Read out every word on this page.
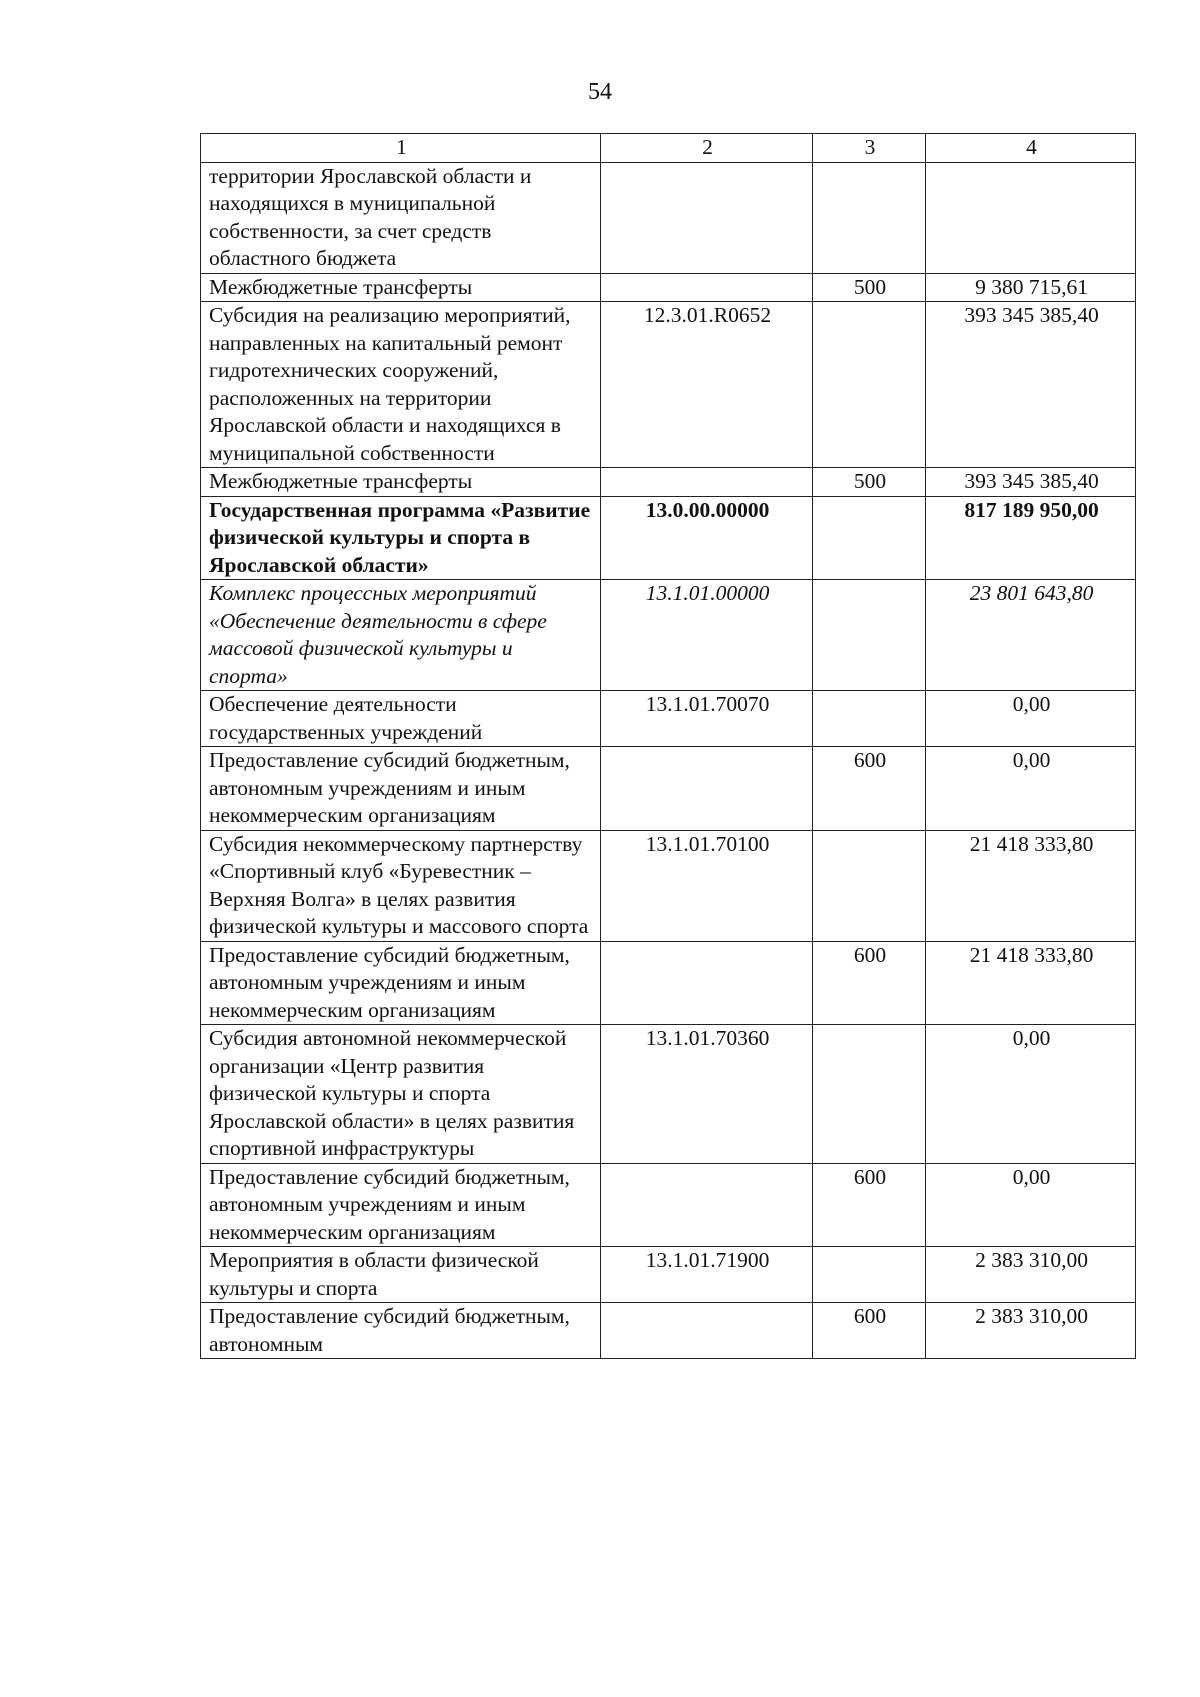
54
1	2	3	4
территории Ярославской области и находящихся в муниципальной собственности, за счет средств областного бюджета			
Межбюджетные трансферты		500	9 380 715,61
Субсидия на реализацию мероприятий, направленных на капитальный ремонт гидротехнических сооружений, расположенных на территории Ярославской области и находящихся в муниципальной собственности	12.3.01.R0652		393 345 385,40
Межбюджетные трансферты		500	393 345 385,40
Государственная программа «Развитие физической культуры и спорта в Ярославской области»	13.0.00.00000		817 189 950,00
Комплекс процессных мероприятий «Обеспечение деятельности в сфере массовой физической культуры и спорта»	13.1.01.00000		23 801 643,80
Обеспечение деятельности государственных учреждений	13.1.01.70070		0,00
Предоставление субсидий бюджетным, автономным учреждениям и иным некоммерческим организациям		600	0,00
Субсидия некоммерческому партнерству «Спортивный клуб «Буревестник – Верхняя Волга» в целях развития физической культуры и массового спорта	13.1.01.70100		21 418 333,80
Предоставление субсидий бюджетным, автономным учреждениям и иным некоммерческим организациям		600	21 418 333,80
Субсидия автономной некоммерческой организации «Центр развития физической культуры и спорта Ярославской области» в целях развития спортивной инфраструктуры	13.1.01.70360		0,00
Предоставление субсидий бюджетным, автономным учреждениям и иным некоммерческим организациям		600	0,00
Мероприятия в области физической культуры и спорта	13.1.01.71900		2 383 310,00
Предоставление субсидий бюджетным, автономным		600	2 383 310,00
